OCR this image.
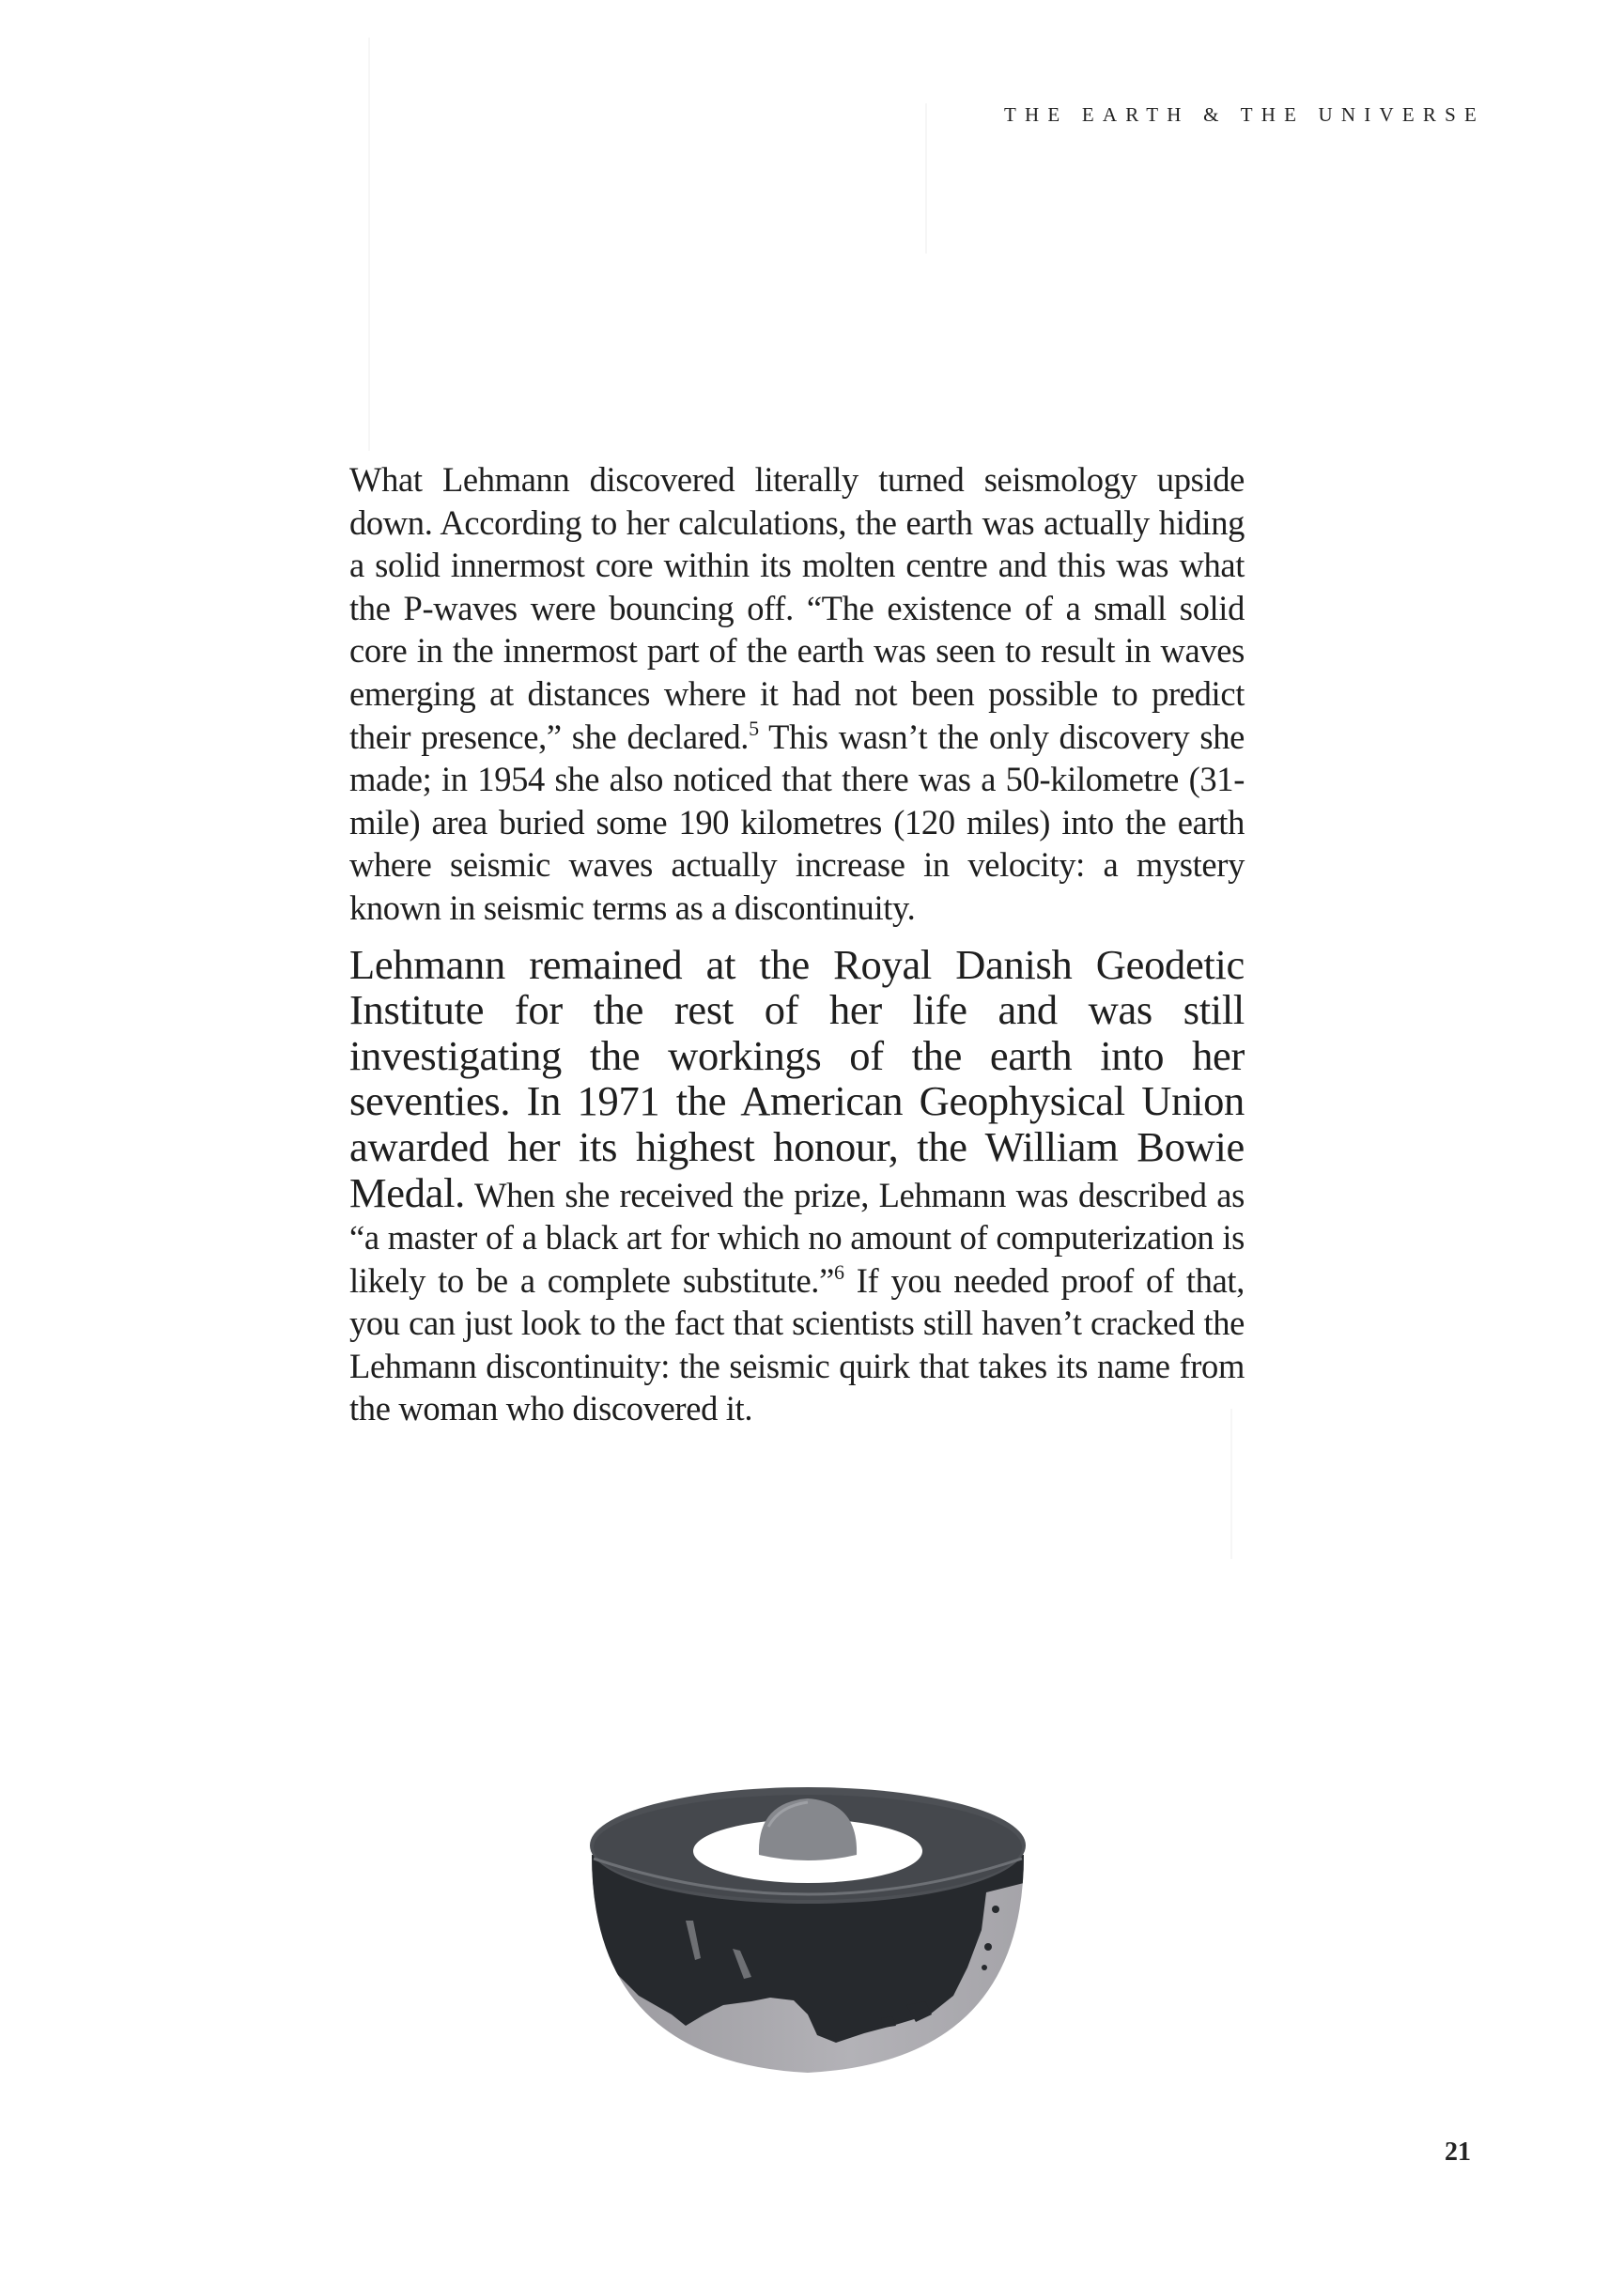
THE EARTH & THE UNIVERSE

What Lehmann discovered literally turned seismology upside down. According to her calculations, the earth was actually hiding a solid innermost core within its molten centre and this was what the P-waves were bouncing off. “The existence of a small solid core in the innermost part of the earth was seen to result in waves emerging at distances where it had not been possible to predict their presence,” she declared.$^5$ This wasn’t the only discovery she made; in 1954 she also noticed that there was a 50-kilometre (31-mile) area buried some 190 kilometres (120 miles) into the earth where seismic waves actually increase in velocity: a mystery known in seismic terms as a discontinuity.

Lehmann remained at the Royal Danish Geodetic Institute for the rest of her life and was still investigating the workings of the earth into her seventies. In 1971 the American Geophysical Union awarded her its highest honour, the William Bowie Medal. When she received the prize, Lehmann was described as “a master of a black art for which no amount of computerization is likely to be a complete substitute.”$^6$ If you needed proof of that, you can just look to the fact that scientists still haven’t cracked the Lehmann discontinuity: the seismic quirk that takes its name from the woman who discovered it.

21
